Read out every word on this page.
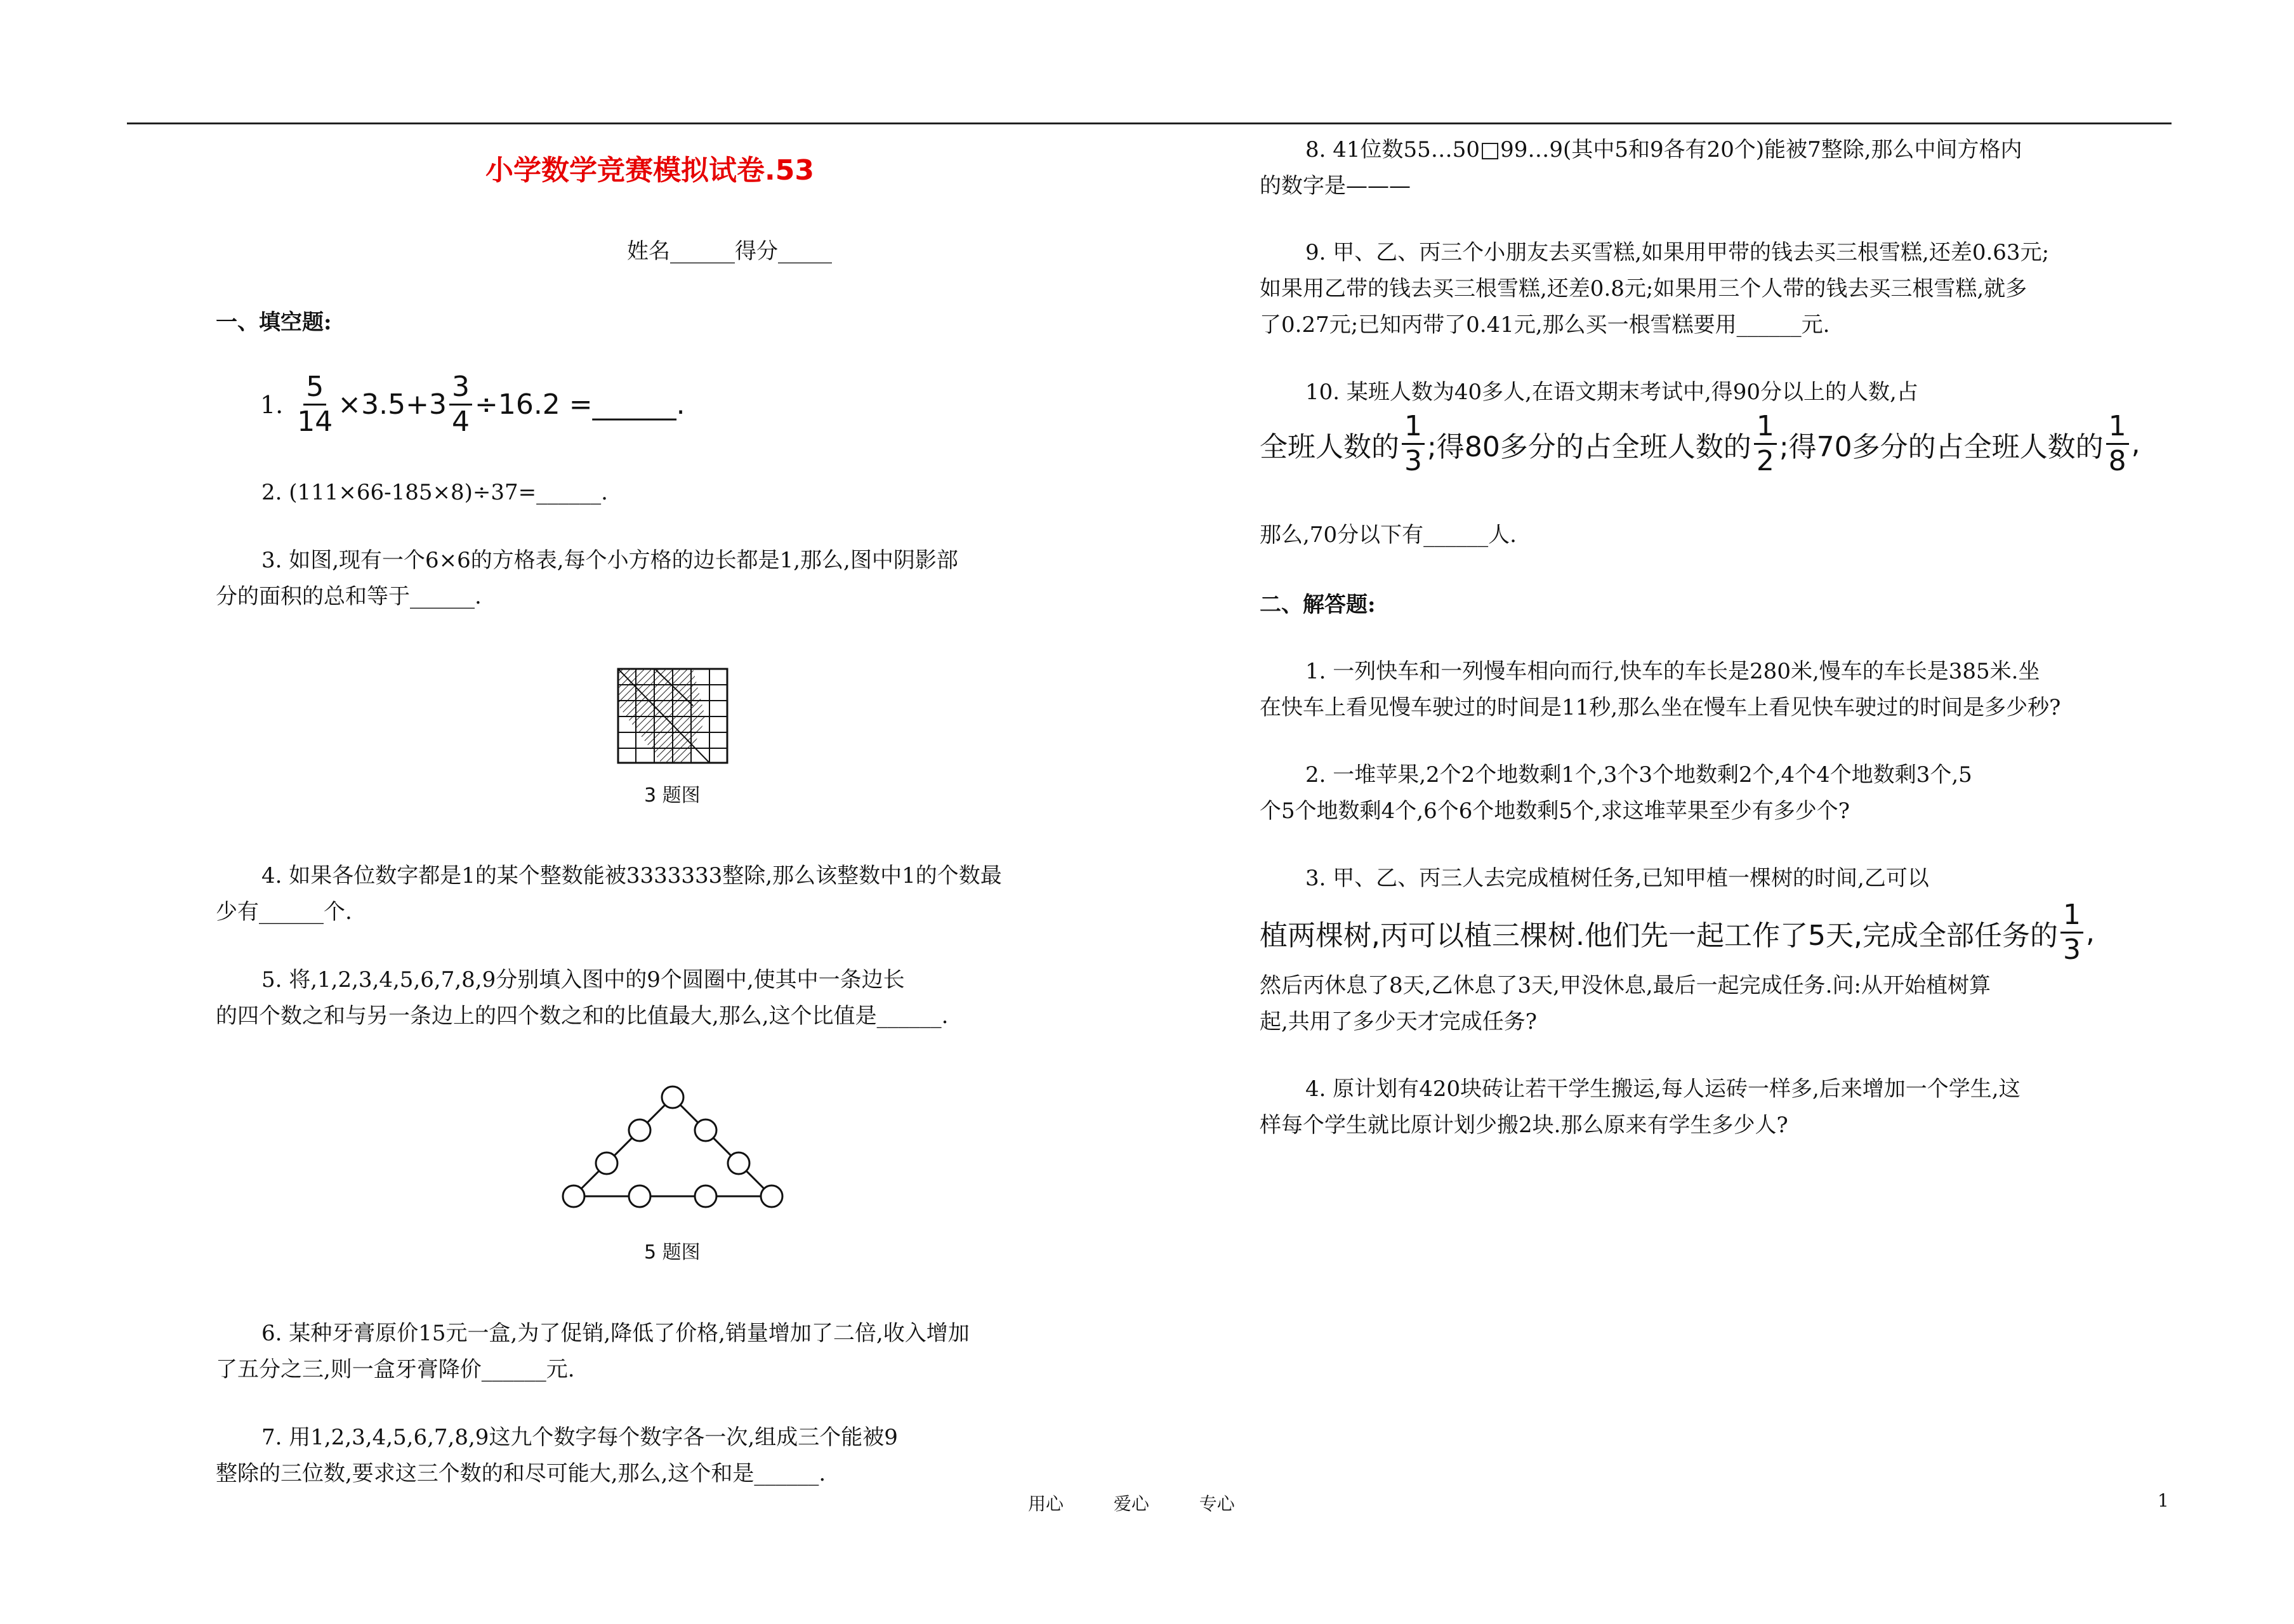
小学数学竞赛模拟试卷.53
姓名______得分_____
一、填空题:
1. $\frac{5}{14} \times 3.5+3 \frac{3}{4} \div 16.2$ =______.
2. (111×66-185×8)÷37=______.
3. 如图,现有一个6×6的方格表,每个小方格的边长都是1,那么,图中阴影部
分的面积的总和等于______.
3 题图
4. 如果各位数字都是1的某个整数能被3333333整除,那么该整数中1的个数最
少有______个.
5. 将,1,2,3,4,5,6,7,8,9分别填入图中的9个圆圈中,使其中一条边长
的四个数之和与另一条边上的四个数之和的比值最大,那么,这个比值是______.
5 题图
6. 某种牙膏原价15元一盒,为了促销,降低了价格,销量增加了二倍,收入增加
了五分之三,则一盒牙膏降价______元.
7. 用1,2,3,4,5,6,7,8,9这九个数字每个数字各一次,组成三个能被9
整除的三位数,要求这三个数的和尽可能大,那么,这个和是______.
8. 41位数55…50□99…9(其中5和9各有20个)能被7整除,那么中间方格内
的数字是———
9. 甲、乙、丙三个小朋友去买雪糕,如果用甲带的钱去买三根雪糕,还差0.63元;
如果用乙带的钱去买三根雪糕,还差0.8元;如果用三个人带的钱去买三根雪糕,就多
了0.27元;已知丙带了0.41元,那么买一根雪糕要用______元.
10. 某班人数为40多人,在语文期末考试中,得90分以上的人数,占
全班人数的 $\frac{1}{3}$ ;得80多分的占全班人数的 $\frac{1}{2}$ ;得70多分的占全班人数的 $\frac{1}{8}$ ,
那么,70分以下有______人.
二、解答题:
1. 一列快车和一列慢车相向而行,快车的车长是280米,慢车的车长是385米.坐
在快车上看见慢车驶过的时间是11秒,那么坐在慢车上看见快车驶过的时间是多少秒?
2. 一堆苹果,2个2个地数剩1个,3个3个地数剩2个,4个4个地数剩3个,5
个5个地数剩4个,6个6个地数剩5个,求这堆苹果至少有多少个?
3. 甲、乙、丙三人去完成植树任务,已知甲植一棵树的时间,乙可以
植两棵树,丙可以植三棵树.他们先一起工作了5天,完成全部任务的 $\frac{1}{3}$ ,
然后丙休息了8天,乙休息了3天,甲没休息,最后一起完成任务.问:从开始植树算
起,共用了多少天才完成任务?
4. 原计划有420块砖让若干学生搬运,每人运砖一样多,后来增加一个学生,这
样每个学生就比原计划少搬2块.那么原来有学生多少人?
用心 爱心 专心	1
